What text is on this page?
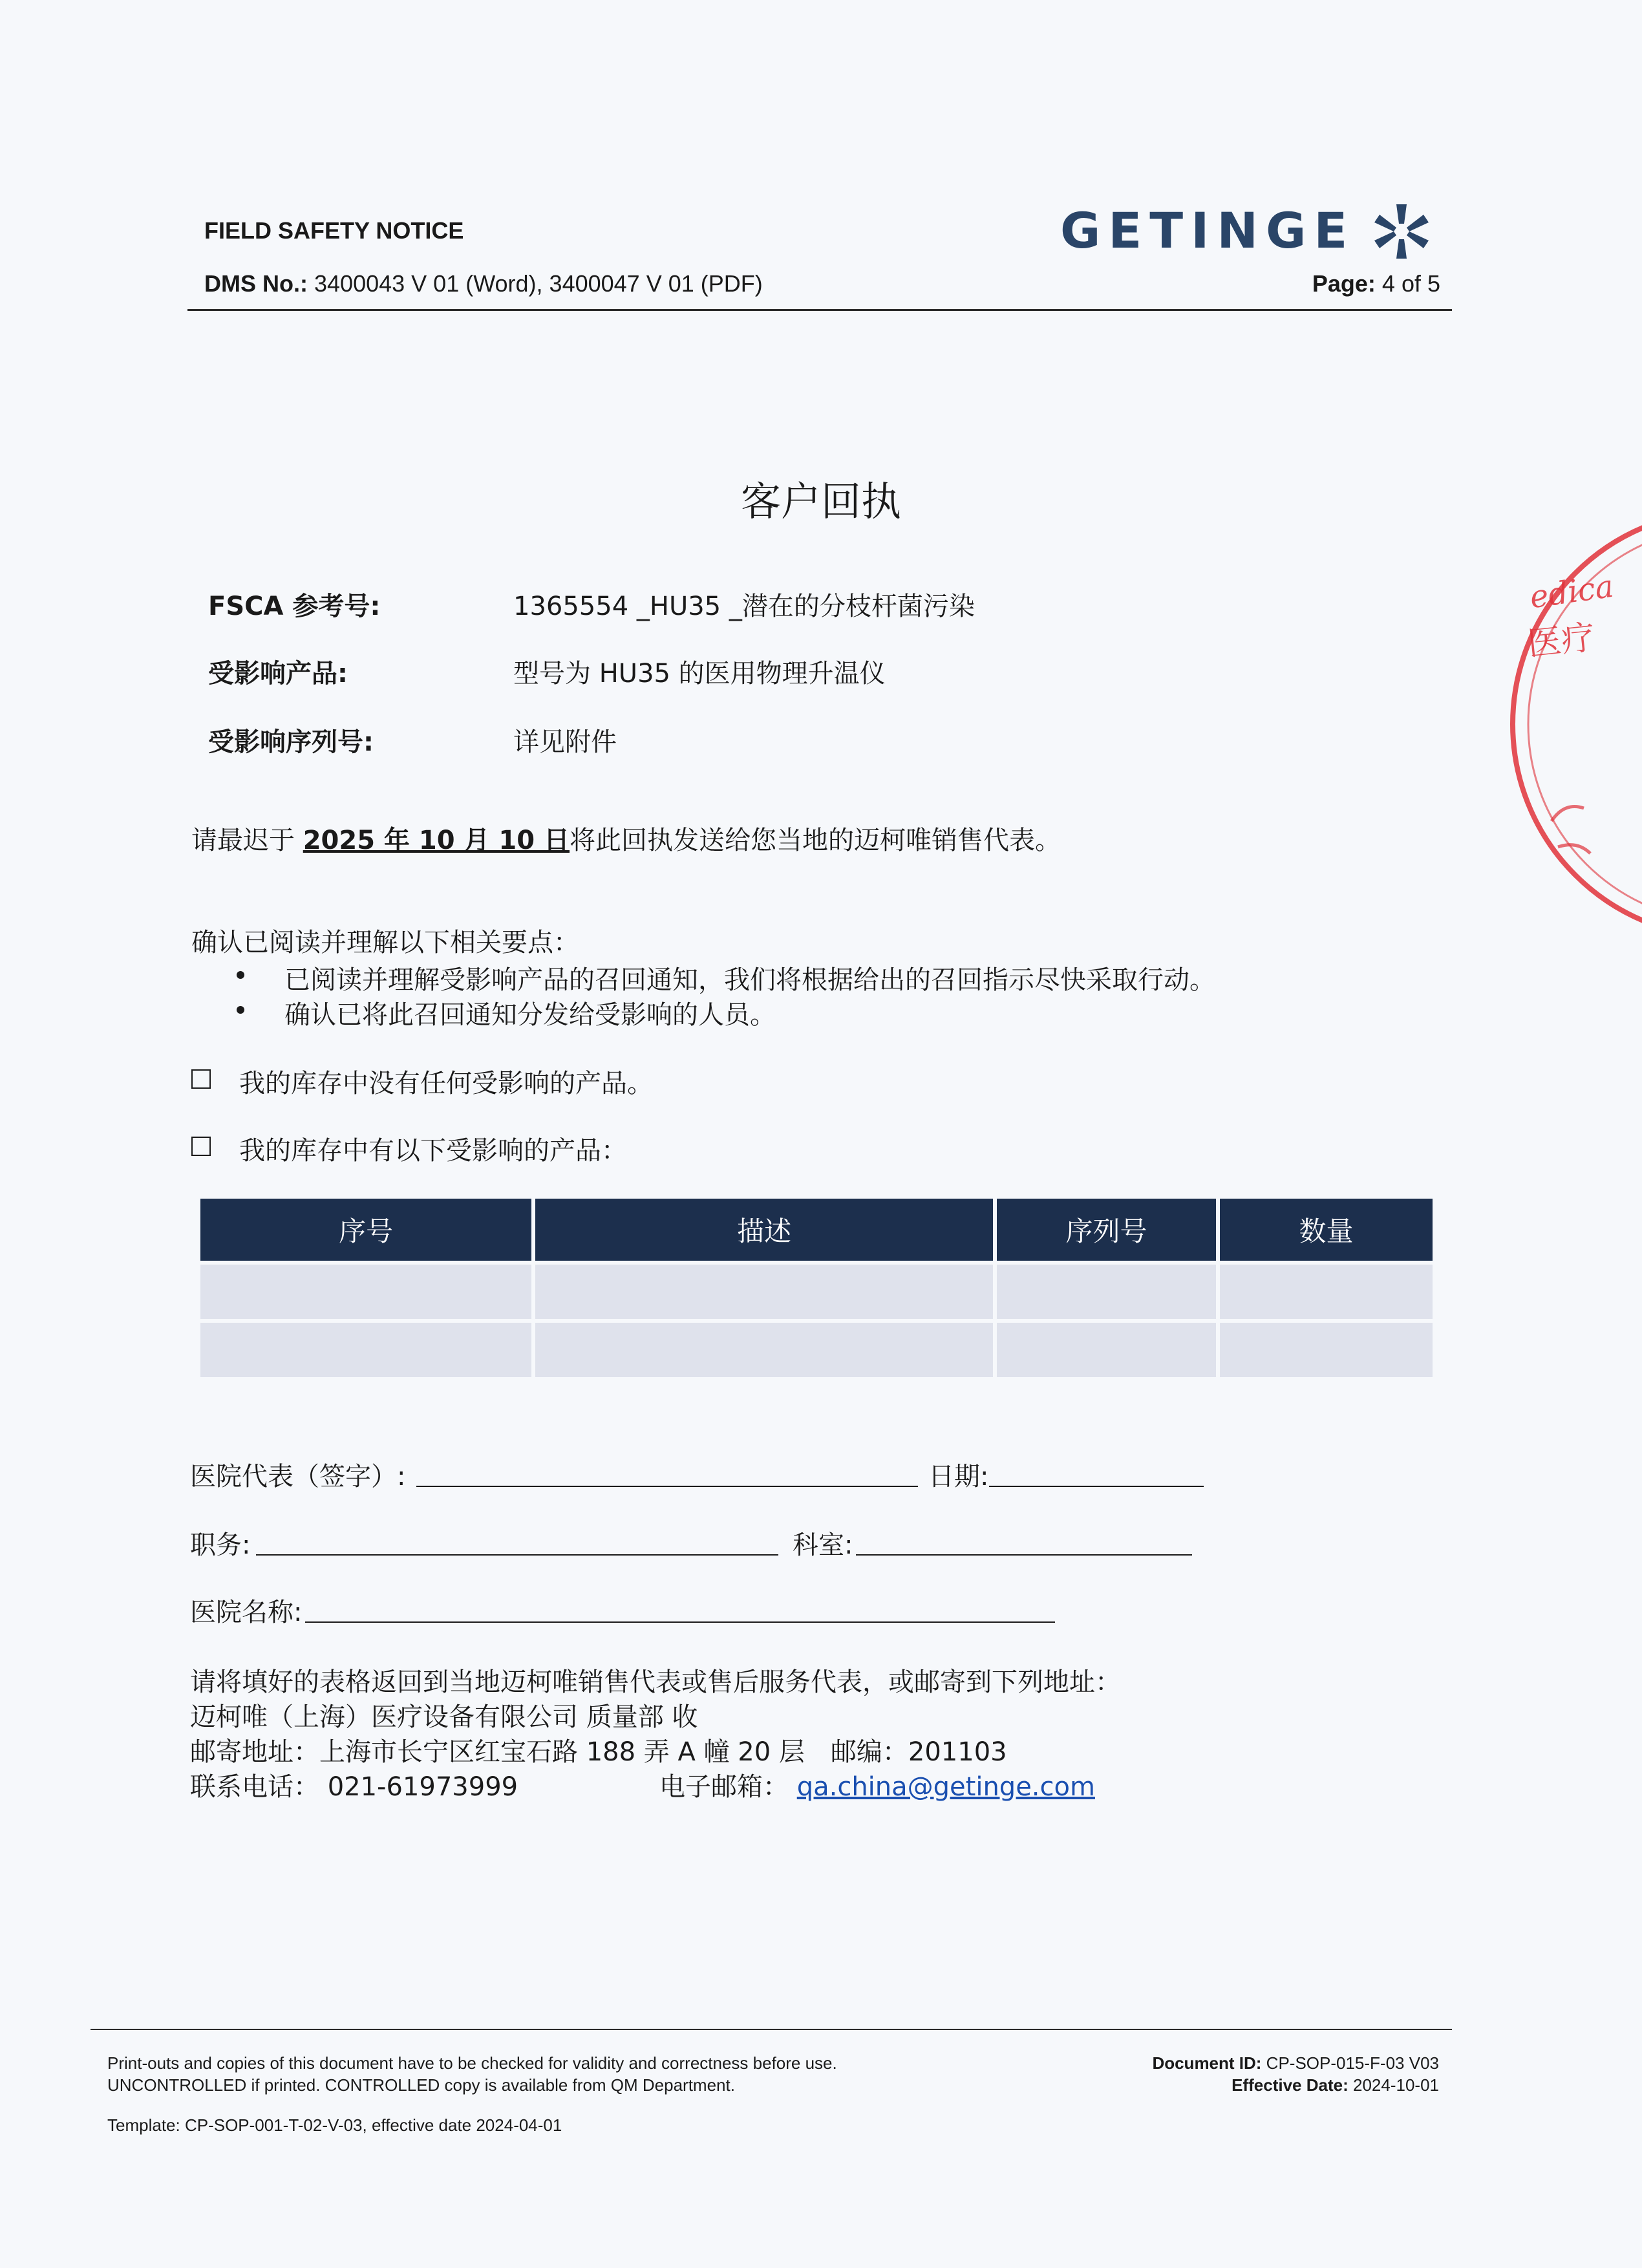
FIELD SAFETY NOTICE	GETINGE
DMS No.: 3400043 V 01 (Word), 3400047 V 01 (PDF)	Page: 4 of 5
客户回执
FSCA 参考号:	1365554 _HU35 _潜在的分枝杆菌污染
受影响产品:	型号为 HU35 的医用物理升温仪
受影响序列号:	详见附件
请最迟于 2025 年 10 月 10 日将此回执发送给您当地的迈柯唯销售代表。
确认已阅读并理解以下相关要点：
已阅读并理解受影响产品的召回通知，我们将根据给出的召回指示尽快采取行动。
确认已将此召回通知分发给受影响的人员。
我的库存中没有任何受影响的产品。
我的库存中有以下受影响的产品：
序号	描述	序列号	数量

医院代表（签字）:	日期:
职务:	科室:
医院名称:
请将填好的表格返回到当地迈柯唯销售代表或售后服务代表，或邮寄到下列地址：
迈柯唯（上海）医疗设备有限公司 质量部 收
邮寄地址：上海市长宁区红宝石路 188 弄 A 幢 20 层　邮编：201103
联系电话： 021-61973999	电子邮箱： qa.china@getinge.com
Print-outs and copies of this document have to be checked for validity and correctness before use.
UNCONTROLLED if printed. CONTROLLED copy is available from QM Department.
Template: CP-SOP-001-T-02-V-03, effective date 2024-04-01
Document ID: CP-SOP-015-F-03 V03
Effective Date: 2024-10-01
edica
医疗
